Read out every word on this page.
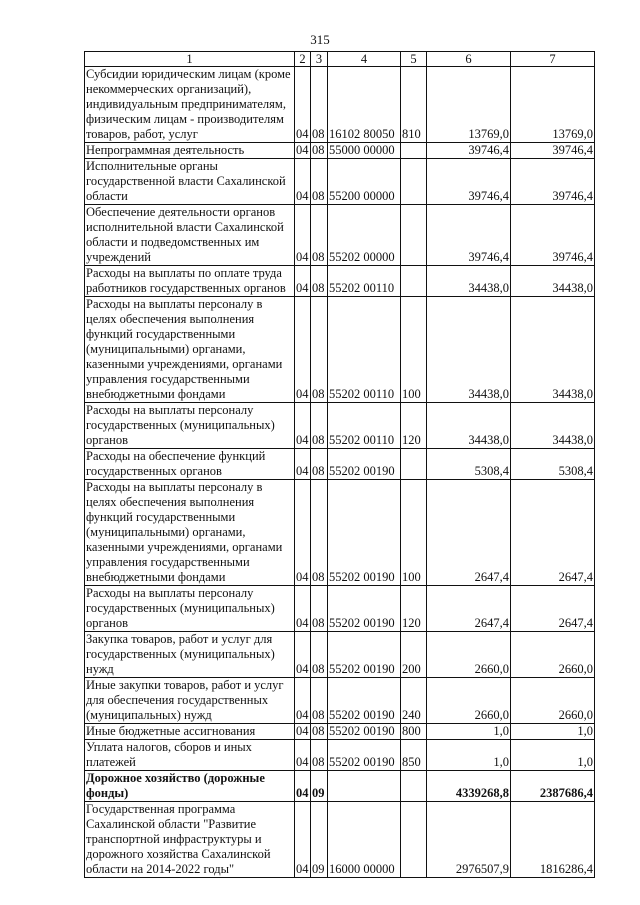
315
1	2	3	4	5	6	7
Субсидии юридическим лицам (кроме некоммерческих организаций), индивидуальным предпринимателям, физическим лицам - производителям товаров, работ, услуг	04	08	16102 80050	810	13769,0	13769,0
Непрограммная деятельность	04	08	55000 00000		39746,4	39746,4
Исполнительные органы государственной власти Сахалинской области	04	08	55200 00000		39746,4	39746,4
Обеспечение деятельности органов исполнительной власти Сахалинской области и подведомственных им учреждений	04	08	55202 00000		39746,4	39746,4
Расходы на выплаты по оплате труда работников государственных органов	04	08	55202 00110		34438,0	34438,0
Расходы на выплаты персоналу в целях обеспечения выполнения функций государственными (муниципальными) органами, казенными учреждениями, органами управления государственными внебюджетными фондами	04	08	55202 00110	100	34438,0	34438,0
Расходы на выплаты персоналу государственных (муниципальных) органов	04	08	55202 00110	120	34438,0	34438,0
Расходы на обеспечение функций государственных органов	04	08	55202 00190		5308,4	5308,4
Расходы на выплаты персоналу в целях обеспечения выполнения функций государственными (муниципальными) органами, казенными учреждениями, органами управления государственными внебюджетными фондами	04	08	55202 00190	100	2647,4	2647,4
Расходы на выплаты персоналу государственных (муниципальных) органов	04	08	55202 00190	120	2647,4	2647,4
Закупка товаров, работ и услуг для государственных (муниципальных) нужд	04	08	55202 00190	200	2660,0	2660,0
Иные закупки товаров, работ и услуг для обеспечения государственных (муниципальных) нужд	04	08	55202 00190	240	2660,0	2660,0
Иные бюджетные ассигнования	04	08	55202 00190	800	1,0	1,0
Уплата налогов, сборов и иных платежей	04	08	55202 00190	850	1,0	1,0
Дорожное хозяйство (дорожные фонды)	04	09			4339268,8	2387686,4
Государственная программа Сахалинской области "Развитие транспортной инфраструктуры и дорожного хозяйства Сахалинской области на 2014-2022 годы"	04	09	16000 00000		2976507,9	1816286,4
